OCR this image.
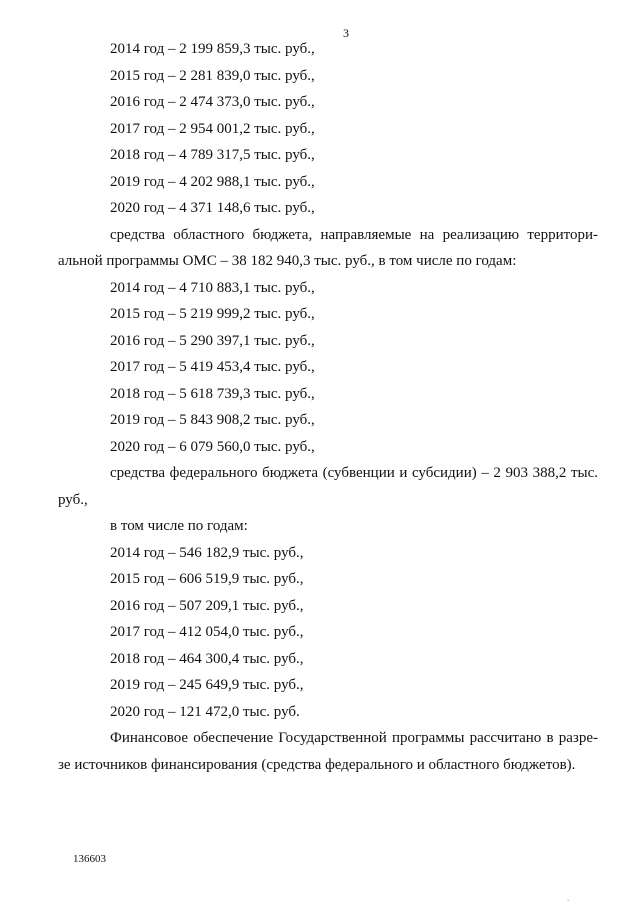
3
2014 год – 2 199 859,3 тыс. руб.,
2015 год – 2 281 839,0 тыс. руб.,
2016 год – 2 474 373,0 тыс. руб.,
2017 год – 2 954 001,2 тыс. руб.,
2018 год – 4 789 317,5 тыс. руб.,
2019 год – 4 202 988,1 тыс. руб.,
2020 год – 4 371 148,6 тыс. руб.,
средства областного бюджета, направляемые на реализацию территори-
альной программы ОМС – 38 182 940,3 тыс. руб., в том числе по годам:
2014 год – 4 710 883,1 тыс. руб.,
2015 год – 5 219 999,2 тыс. руб.,
2016 год – 5 290 397,1 тыс. руб.,
2017 год – 5 419 453,4 тыс. руб.,
2018 год – 5 618 739,3 тыс. руб.,
2019 год – 5 843 908,2 тыс. руб.,
2020 год – 6 079 560,0 тыс. руб.,
средства федерального бюджета (субвенции и субсидии) – 2 903 388,2 тыс.
руб.,
в том числе по годам:
2014 год – 546 182,9 тыс. руб.,
2015 год – 606 519,9 тыс. руб.,
2016 год – 507 209,1 тыс. руб.,
2017 год – 412 054,0 тыс. руб.,
2018 год – 464 300,4 тыс. руб.,
2019 год – 245 649,9 тыс. руб.,
2020 год – 121 472,0 тыс. руб.
Финансовое обеспечение Государственной программы рассчитано в разре-
зе источников финансирования (средства федерального и областного бюджетов).
136603
.
